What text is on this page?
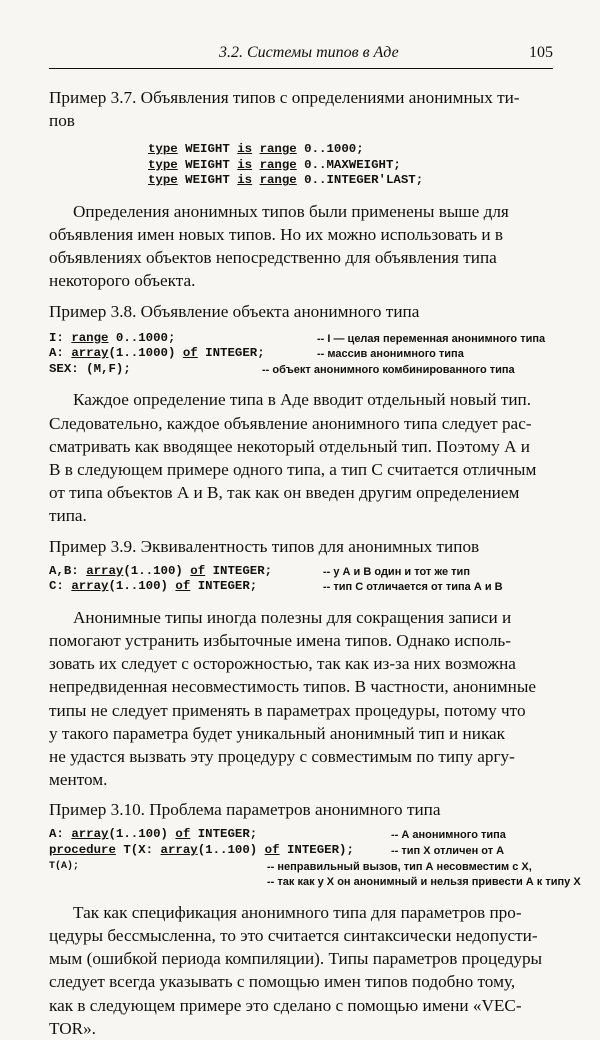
3.2. Системы типов в Аде	105

Пример 3.7. Объявления типов с определениями анонимных ти-

пов

type WEIGHT is range 0..1000;
type WEIGHT is range 0..MAXWEIGHT;
type WEIGHT is range 0..INTEGER'LAST;

Определения анонимных типов были применены выше для

объявления имен новых типов. Но их можно использовать и в

объявлениях объектов непосредственно для объявления типа

некоторого объекта.

Пример 3.8. Объявление объекта анонимного типа

I: range 0..1000;	-- I — целая переменная анонимного типа
A: array(1..1000) of INTEGER;	-- массив анонимного типа
SEX: (M,F);	-- объект анонимного комбинированного типа

Каждое определение типа в Аде вводит отдельный новый тип.

Следовательно, каждое объявление анонимного типа следует рас-

сматривать как вводящее некоторый отдельный тип. Поэтому А и

В в следующем примере одного типа, а тип С считается отличным

от типа объектов А и В, так как он введен другим определением

типа.

Пример 3.9. Эквивалентность типов для анонимных типов

A,B: array(1..100) of INTEGER;	-- у А и В один и тот же тип
C: array(1..100) of INTEGER;	-- тип С отличается от типа А и В

Анонимные типы иногда полезны для сокращения записи и

помогают устранить избыточные имена типов. Однако исполь-

зовать их следует с осторожностью, так как из-за них возможна

непредвиденная несовместимость типов. В частности, анонимные

типы не следует применять в параметрах процедуры, потому что

у такого параметра будет уникальный анонимный тип и никак

не удастся вызвать эту процедуру с совместимым по типу аргу-

ментом.

Пример 3.10. Проблема параметров анонимного типа

A: array(1..100) of INTEGER;	-- А анонимного типа
procedure T(X: array(1..100) of INTEGER);	-- тип Х отличен от А
T(A);	-- неправильный вызов, тип А несовместим с Х,
-- так как у Х он анонимный и нельзя привести А к типу Х

Так как спецификация анонимного типа для параметров про-

цедуры бессмысленна, то это считается синтаксически недопусти-

мым (ошибкой периода компиляции). Типы параметров процедуры

следует всегда указывать с помощью имен типов подобно тому,

как в следующем примере это сделано с помощью имени «VEC-

TOR».
